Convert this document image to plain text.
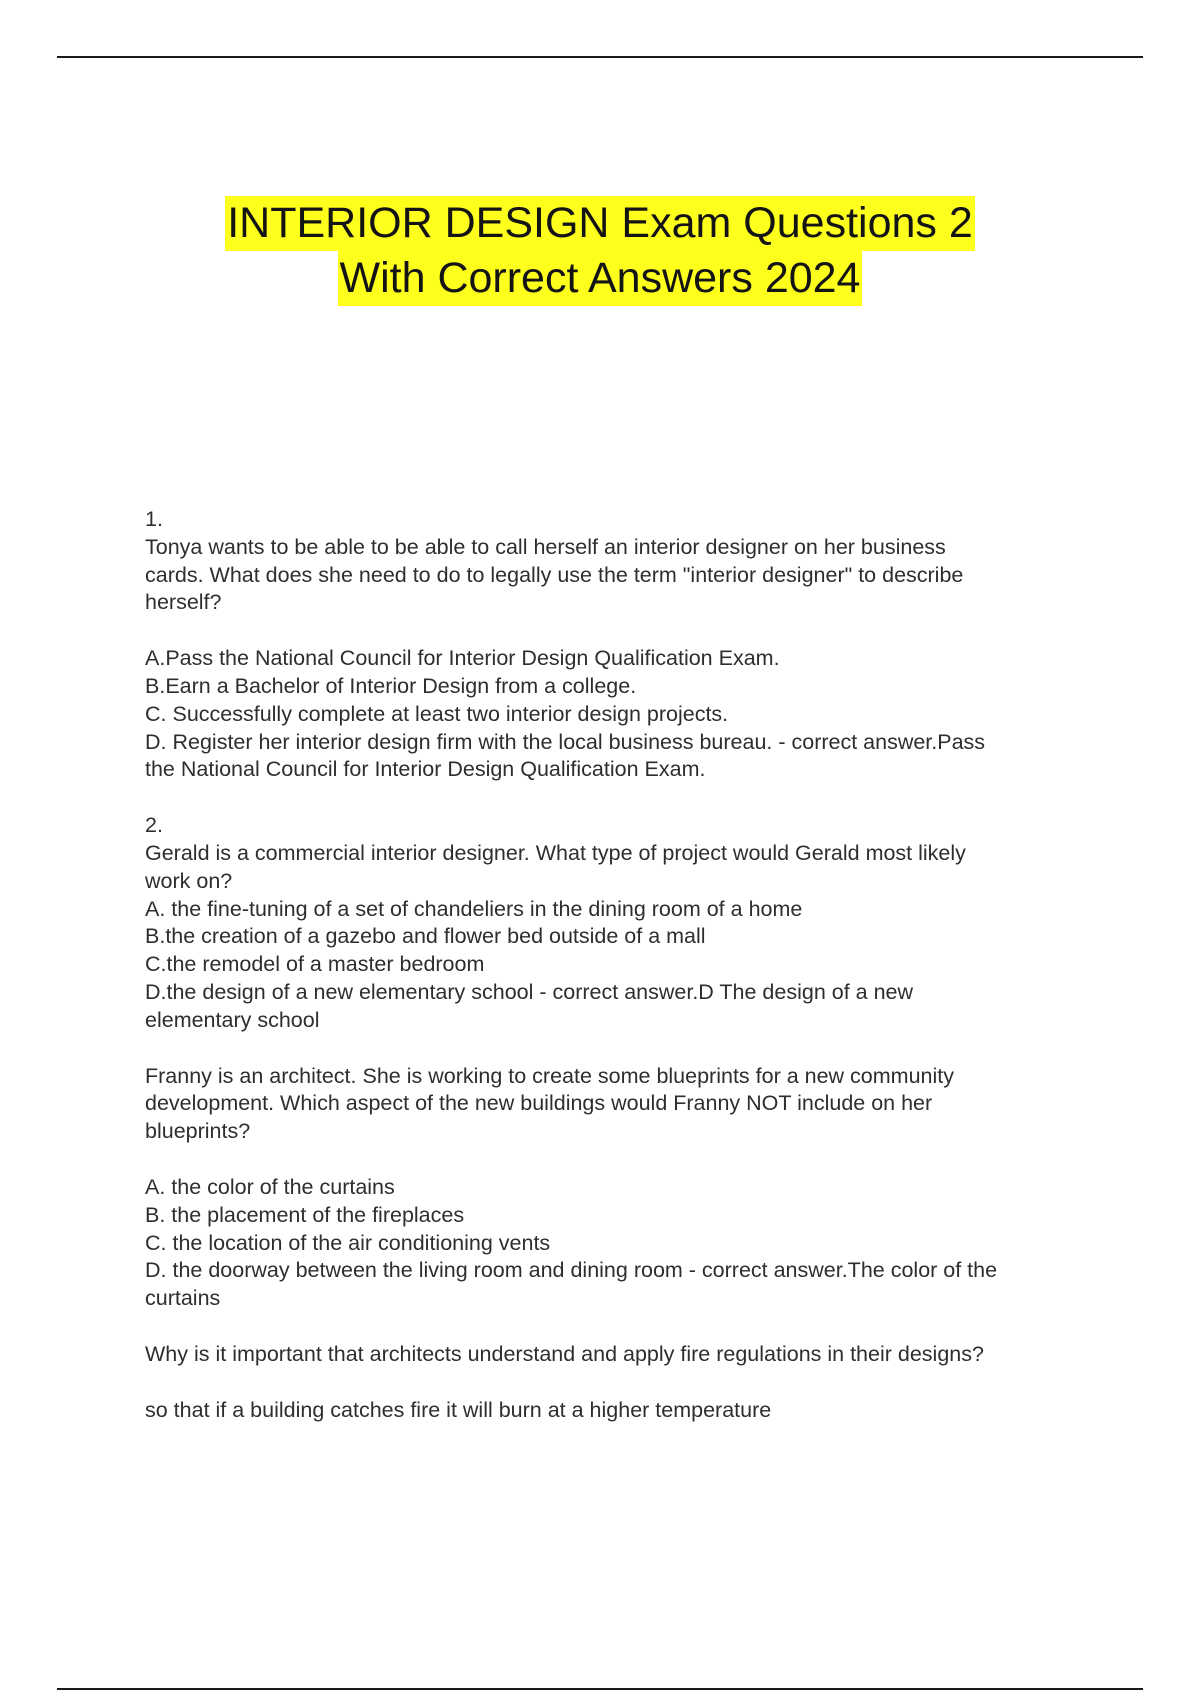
INTERIOR DESIGN Exam Questions 2
With Correct Answers 2024
1.
Tonya wants to be able to be able to call herself an interior designer on her business
cards. What does she need to do to legally use the term "interior designer" to describe
herself?
A.Pass the National Council for Interior Design Qualification Exam.
B.Earn a Bachelor of Interior Design from a college.
C. Successfully complete at least two interior design projects.
D. Register her interior design firm with the local business bureau. - correct answer.Pass
the National Council for Interior Design Qualification Exam.
2.
Gerald is a commercial interior designer. What type of project would Gerald most likely
work on?
A. the fine-tuning of a set of chandeliers in the dining room of a home
B.the creation of a gazebo and flower bed outside of a mall
C.the remodel of a master bedroom
D.the design of a new elementary school - correct answer.D The design of a new
elementary school
Franny is an architect. She is working to create some blueprints for a new community
development. Which aspect of the new buildings would Franny NOT include on her
blueprints?
A. the color of the curtains
B. the placement of the fireplaces
C. the location of the air conditioning vents
D. the doorway between the living room and dining room - correct answer.The color of the
curtains
Why is it important that architects understand and apply fire regulations in their designs?
so that if a building catches fire it will burn at a higher temperature
